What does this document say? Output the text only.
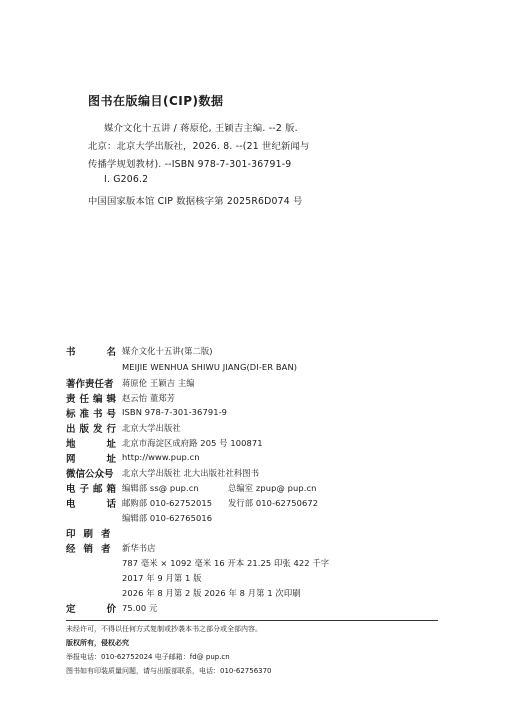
图书在版编目(CIP)数据
媒介文化十五讲 / 蒋原伦, 王颖吉主编. --2 版.
北京：北京大学出版社，2026. 8. --(21 世纪新闻与
传播学规划教材). --ISBN 978-7-301-36791-9
Ⅰ. G206.2
中国国家版本馆 CIP 数据核字第 2025R6D074 号
书	名 媒介文化十五讲(第二版)
MEIJIE WENHUA SHIWU JIANG(DI-ER BAN)
著作责任者 蒋原伦 王颖吉 主编
责任编辑 赵云怡 董郑芳
标准书号 ISBN 978-7-301-36791-9
出版发行 北京大学出版社
地	址 北京市海淀区成府路 205 号 100871
网	址 http://www.pup.cn
微信公众号 北京大学出版社 北大出版社社科图书
电子邮箱 编辑部 ss@ pup.cn	总编室 zpup@ pup.cn
电	话 邮购部 010-62752015 发行部 010-62750672
编辑部 010-62765016
印刷者
经销者 新华书店
787 毫米 × 1092 毫米 16 开本 21.25 印张 422 千字
2017 年 9 月第 1 版
2026 年 8 月第 2 版 2026 年 8 月第 1 次印刷
定	价 75.00 元
未经许可，不得以任何方式复制或抄袭本书之部分或全部内容。
版权所有，侵权必究
举报电话：010-62752024 电子邮箱：fd@ pup.cn
图书如有印装质量问题，请与出版部联系，电话：010-62756370
